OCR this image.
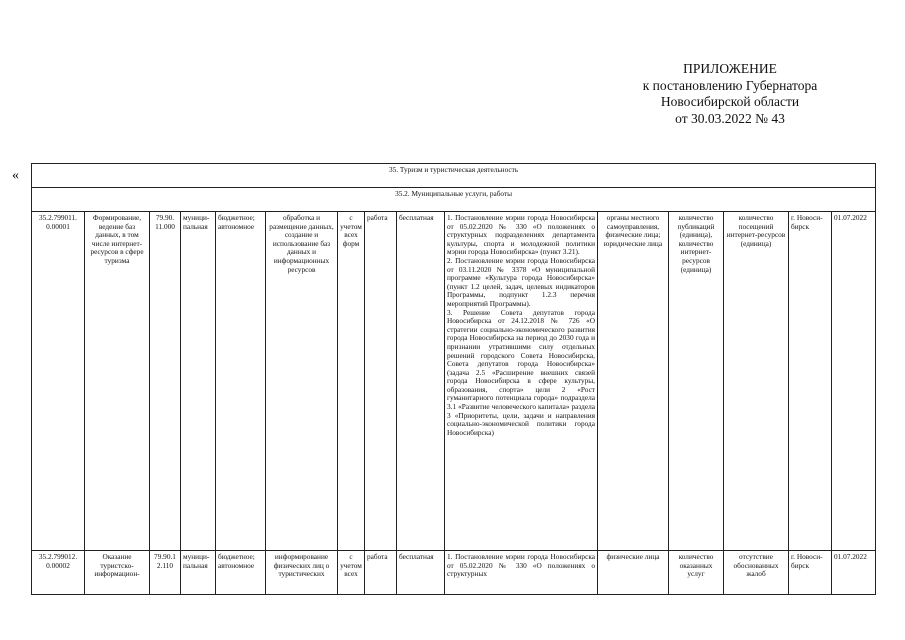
ПРИЛОЖЕНИЕ
к постановлению Губернатора
Новосибирской области
от 30.03.2022 № 43
«	35. Туризм и туристическая деятельность														
35.2. Муниципальные услуги, работы														
35.2.799011. 0.00001	Формирование, ведение баз данных, в том числе интернет-ресурсов в сфере туризма	79.90. 11.000	муници-пальная	бюджетное; автономное	обработка и размещение данных, создание и использование баз данных и информационных ресурсов	с учетом всех форм	работа	бесплатная	1. Постановление мэрии города Новосибирска от 05.02.2020 № 330 «О положениях о структурных подразделениях департамента культуры, спорта и молодежной политики мэрии города Новосибирска» (пункт 3.21).
2. Постановление мэрии города Новосибирска от 03.11.2020 № 3378 «О муниципальной программе «Культура города Новосибирска» (пункт 1.2 целей, задач, целевых индикаторов Программы, подпункт 1.2.3 перечня мероприятий Программы).
3. Решение Совета депутатов города Новосибирска от 24.12.2018 № 726 «О стратегии социально-экономического развития города Новосибирска на период до 2030 года и признании утратившими силу отдельных решений городского Совета Новосибирска, Совета депутатов города Новосибирска» (задача 2.5 «Расширение внешних связей города Новосибирска в сфере культуры, образования, спорта» цели 2 «Рост гуманитарного потенциала города» подраздела 3.1 «Развитие человеческого капитала» раздела 3 «Приоритеты, цели, задачи и направления социально-экономической политики города Новосибирска)	органы местного самоуправления, физические лица; юридические лица	количество публикаций (единица), количество интернет-ресурсов (единица)	количество посещений интернет-ресурсов (единица)	г. Новоси-бирск	01.07.2022
35.2.799012. 0.00002	Оказание туристско-информацион-	79.90.1 2.110	муници-пальная	бюджетное; автономное	информирование физических лиц о туристических	с учетом всех	работа	бесплатная	1. Постановление мэрии города Новосибирска от 05.02.2020 № 330 «О положениях о структурных	физические лица	количество оказанных услуг	отсутствие обоснованных жалоб	г. Новоси-бирск	01.07.2022
